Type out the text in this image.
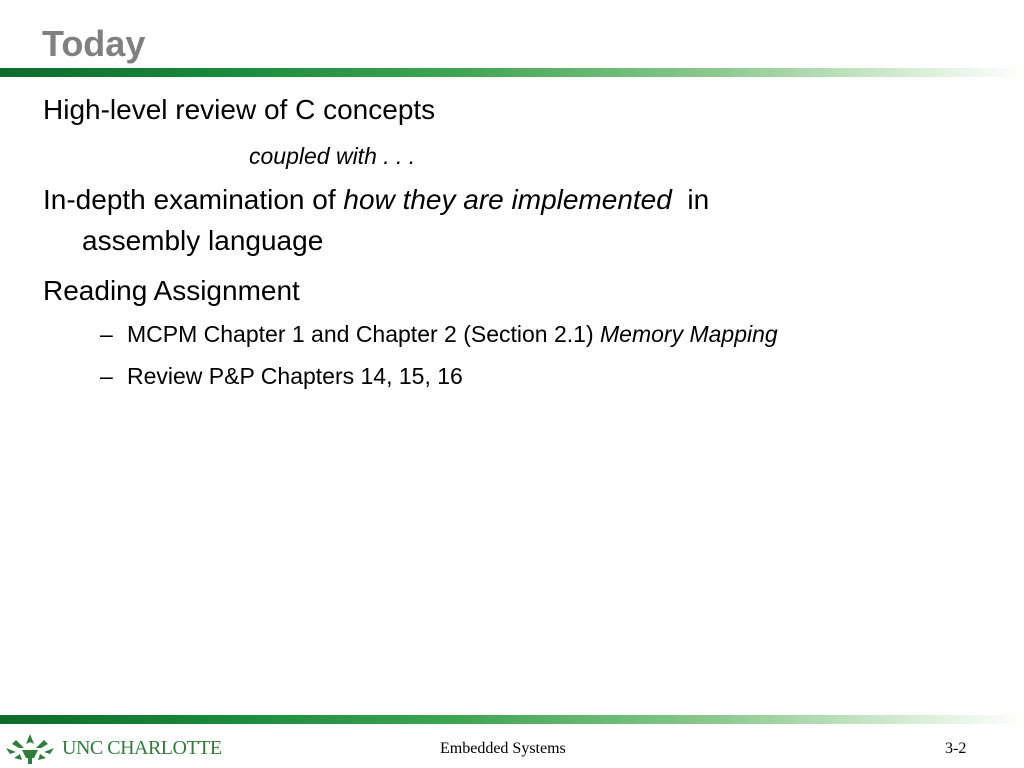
Today
High-level review of C concepts
coupled with . . .
In-depth examination of how they are implemented  in
assembly language
Reading Assignment
– MCPM Chapter 1 and Chapter 2 (Section 2.1) Memory Mapping
– Review P&P Chapters 14, 15, 16
UNC CHARLOTTE	Embedded Systems	3-2
